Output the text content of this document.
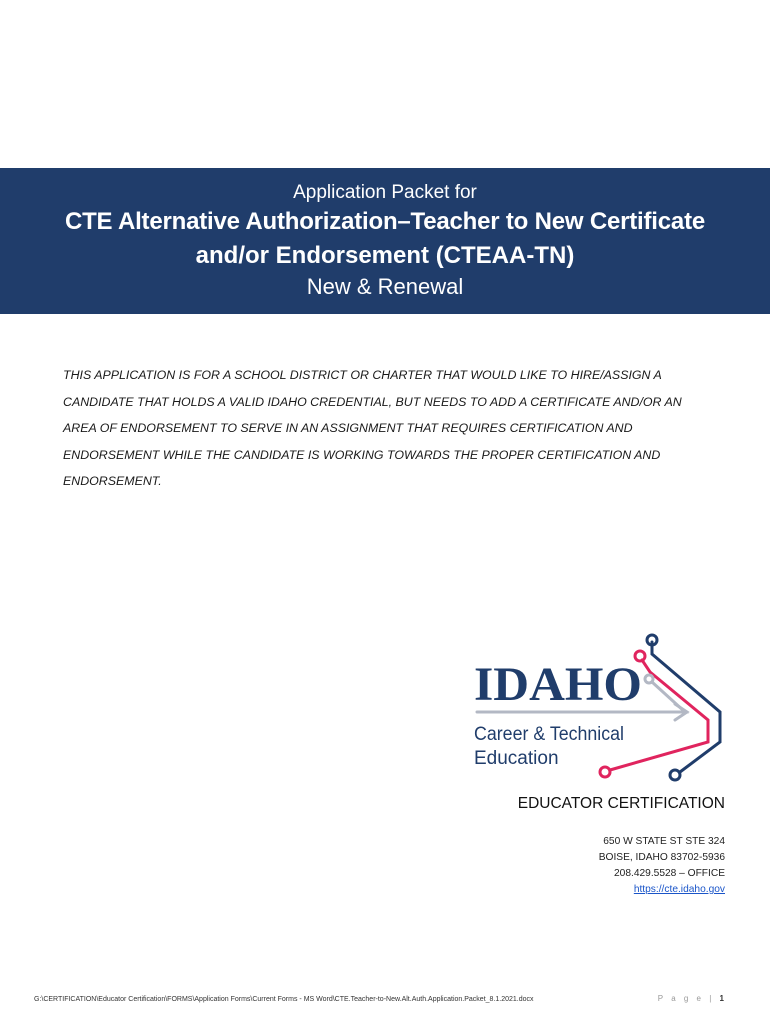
Application Packet for
CTE Alternative Authorization–Teacher to New Certificate
and/or Endorsement (CTEAA-TN)
New & Renewal
THIS APPLICATION IS FOR A SCHOOL DISTRICT OR CHARTER THAT WOULD LIKE TO HIRE/ASSIGN A
CANDIDATE THAT HOLDS A VALID IDAHO CREDENTIAL, BUT NEEDS TO ADD A CERTIFICATE AND/OR AN
AREA OF ENDORSEMENT TO SERVE IN AN ASSIGNMENT THAT REQUIRES CERTIFICATION AND
ENDORSEMENT WHILE THE CANDIDATE IS WORKING TOWARDS THE PROPER CERTIFICATION AND
ENDORSEMENT.
IDAHO
Career & Technical
Education
EDUCATOR CERTIFICATION
650 W STATE ST STE 324
BOISE, IDAHO 83702-5936
208.429.5528 – OFFICE
https://cte.idaho.gov
G:\CERTIFICATION\Educator Certification\FORMS\Application Forms\Current Forms - MS Word\CTE.Teacher-to-New.Alt.Auth.Application.Packet_8.1.2021.docx	P a g e | 1
